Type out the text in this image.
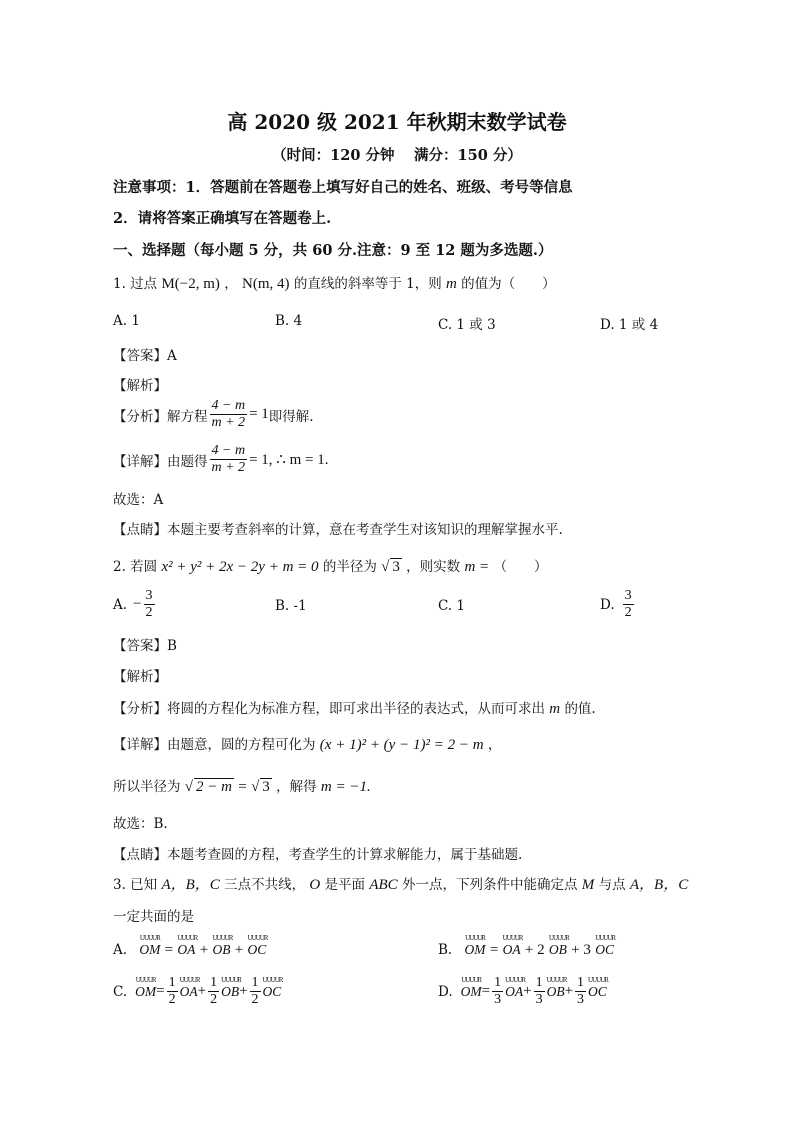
高 2020 级 2021 年秋期末数学试卷
（时间：120 分钟　 满分：150 分）
注意事项：1．答题前在答题卷上填写好自己的姓名、班级、考号等信息
2．请将答案正确填写在答题卷上.
一、选择题（每小题 5 分，共 60 分.注意：9 至 12 题为多选题.）
1. 过点 M(−2, m) ， N(m, 4) 的直线的斜率等于 1，则 m 的值为（　　）
A. 1	B. 4	C. 1 或 3	D. 1 或 4
【答案】A
【解析】
【分析】解方程 $\frac{4 - m}{m + 2} = 1$ 即得解.
【详解】由题得 $\frac{4 - m}{m + 2} = 1$, ∴ m = 1.
故选：A
【点睛】本题主要考查斜率的计算，意在考查学生对该知识的理解掌握水平.
2. 若圆 x² + y² + 2x − 2y + m = 0 的半径为 √ 3 ，则实数 m = （　　）
A. − $\frac{3}{2}$	B. -1	C. 1	D. $\frac{3}{2}$
【答案】B
【解析】
【分析】将圆的方程化为标准方程，即可求出半径的表达式，从而可求出 m 的值.
【详解】由题意，圆的方程可化为 (x + 1)² + (y − 1)² = 2 − m ，
所以半径为 √ 2 − m = √ 3 ，解得 m = −1.
故选：B.
【点睛】本题考查圆的方程，考查学生的计算求解能力，属于基础题.
3. 已知 A，B，C 三点不共线， O 是平面 ABC 外一点，下列条件中能确定点 M 与点 A，B，C
一定共面的是
A.
UUUUR
OM =
UUUUR
OA +
UUUUR
OB +
UUUUR
OC	B.
UUUUR
OM =
UUUUR
OA + 2
UUUUR
OB + 3
UUUUR
OC
C.
UUUUR
OM = $\frac{1}{2}$ UUUUR
OA + $\frac{1}{2}$ UUUUR
OB + $\frac{1}{2}$ UUUUR
OC	D.
UUUUR
OM = $\frac{1}{3}$ UUUUR
OA + $\frac{1}{3}$ UUUUR
OB + $\frac{1}{3}$ UUUUR
OC
